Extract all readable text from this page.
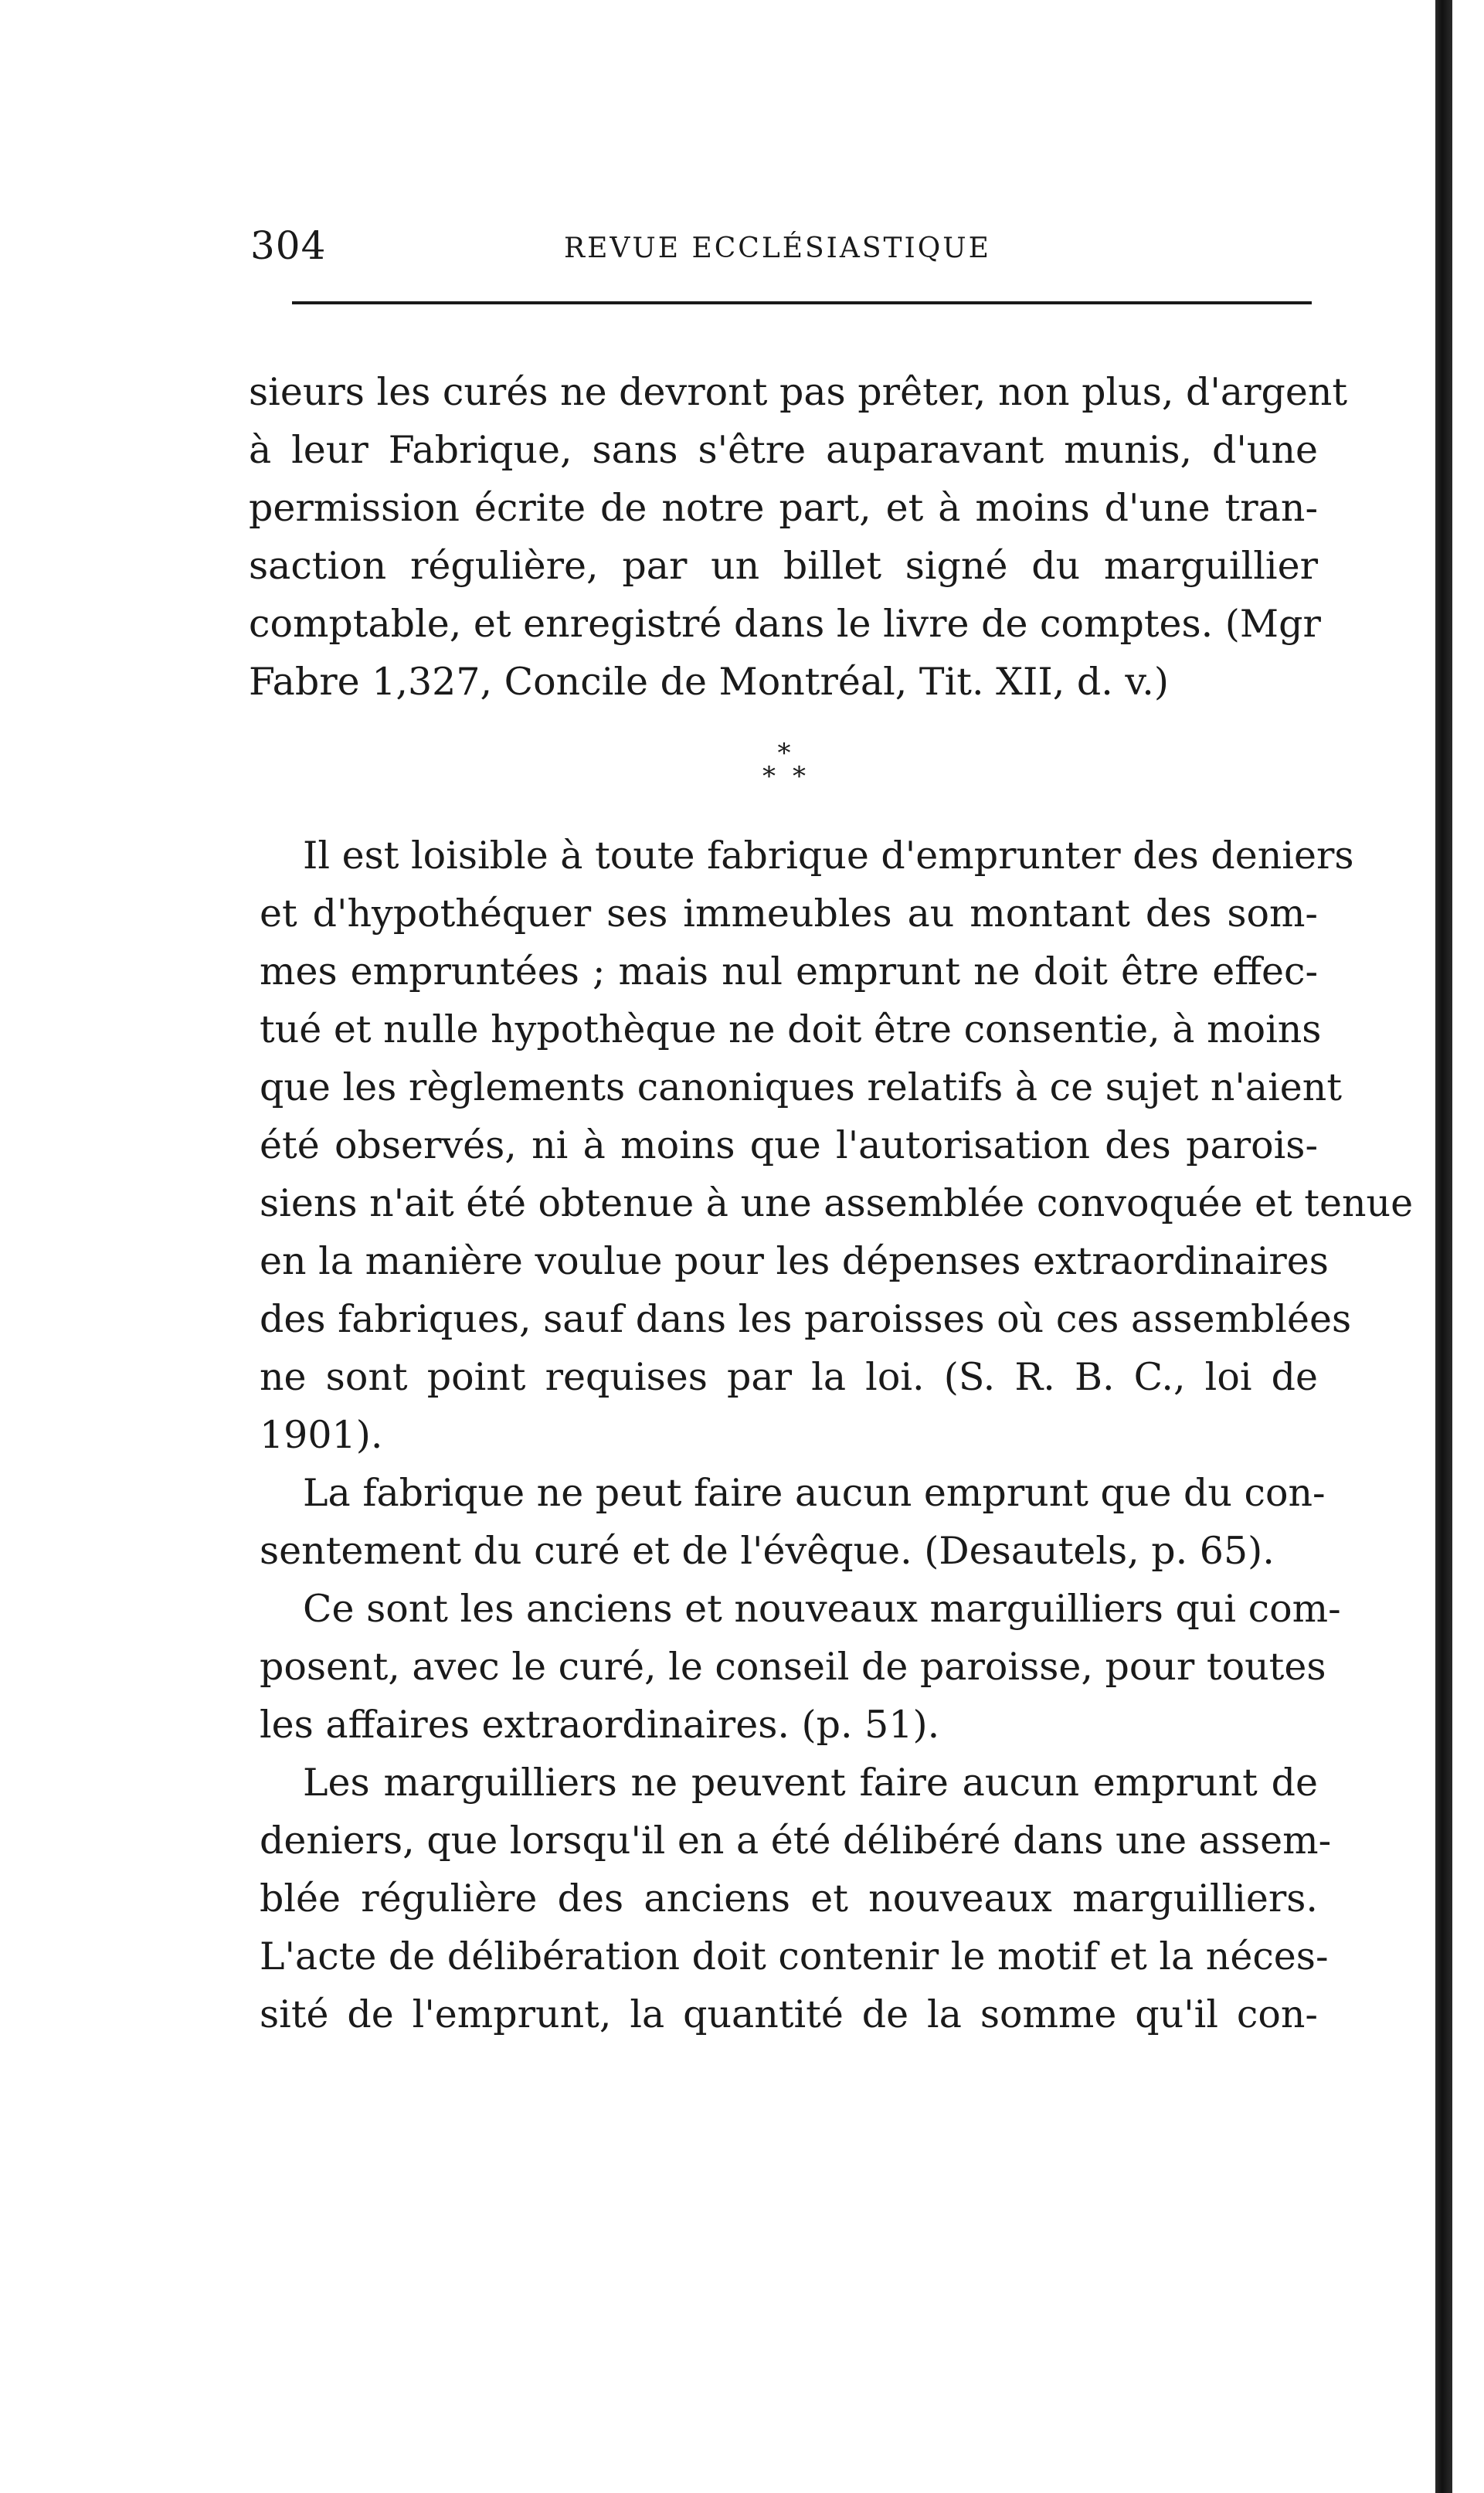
304	REVUE ECCLÉSIASTIQUE
sieurs les curés ne devront pas prêter, non plus, d'argent
à leur Fabrique, sans s'être auparavant munis, d'une
permission écrite de notre part, et à moins d'une tran-
saction régulière, par un billet signé du marguillier
comptable, et enregistré dans le livre de comptes. (Mgr
Fabre 1,327, Concile de Montréal, Tit. XII, d. v.)
*
**
Il est loisible à toute fabrique d'emprunter des deniers
et d'hypothéquer ses immeubles au montant des som-
mes empruntées ; mais nul emprunt ne doit être effec-
tué et nulle hypothèque ne doit être consentie, à moins
que les règlements canoniques relatifs à ce sujet n'aient
été observés, ni à moins que l'autorisation des parois-
siens n'ait été obtenue à une assemblée convoquée et tenue
en la manière voulue pour les dépenses extraordinaires
des fabriques, sauf dans les paroisses où ces assemblées
ne sont point requises par la loi. (S. R. B. C., loi de
1901).
La fabrique ne peut faire aucun emprunt que du con-
sentement du curé et de l'évêque. (Desautels, p. 65).
Ce sont les anciens et nouveaux marguilliers qui com-
posent, avec le curé, le conseil de paroisse, pour toutes
les affaires extraordinaires. (p. 51).
Les marguilliers ne peuvent faire aucun emprunt de
deniers, que lorsqu'il en a été délibéré dans une assem-
blée régulière des anciens et nouveaux marguilliers.
L'acte de délibération doit contenir le motif et la néces-
sité de l'emprunt, la quantité de la somme qu'il con-
